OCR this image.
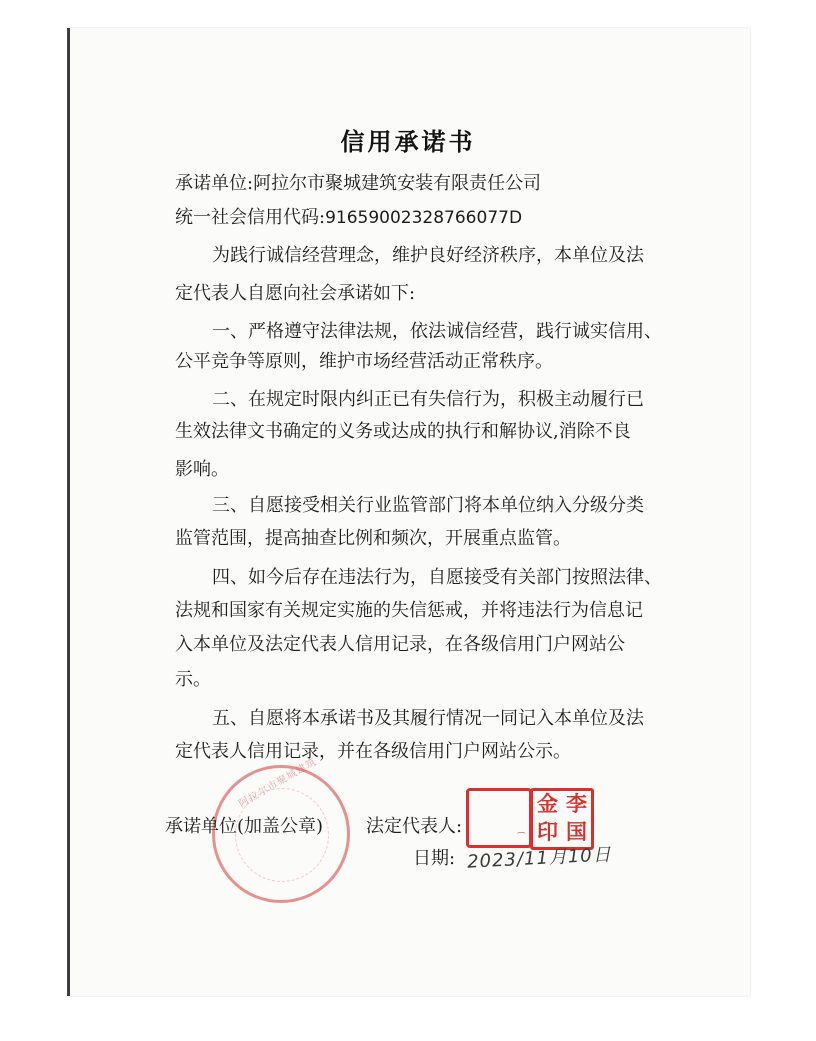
信用承诺书
承诺单位:阿拉尔市聚城建筑安装有限责任公司
统一社会信用代码:91659002328766077D
为践行诚信经营理念，维护良好经济秩序，本单位及法
定代表人自愿向社会承诺如下:
一、严格遵守法律法规，依法诚信经营，践行诚实信用、
公平竞争等原则，维护市场经营活动正常秩序。
二、在规定时限内纠正已有失信行为，积极主动履行已
生效法律文书确定的义务或达成的执行和解协议,消除不良
影响。
三、自愿接受相关行业监管部门将本单位纳入分级分类
监管范围，提高抽查比例和频次，开展重点监管。
四、如今后存在违法行为，自愿接受有关部门按照法律、
法规和国家有关规定实施的失信惩戒，并将违法行为信息记
入本单位及法定代表人信用记录，在各级信用门户网站公
示。
五、自愿将本承诺书及其履行情况一同记入本单位及法
定代表人信用记录，并在各级信用门户网站公示。
阿拉尔市聚城建筑
承诺单位(加盖公章) 法定代表人:
⁀
金 李
印 国
日期: 2023/11月10日
